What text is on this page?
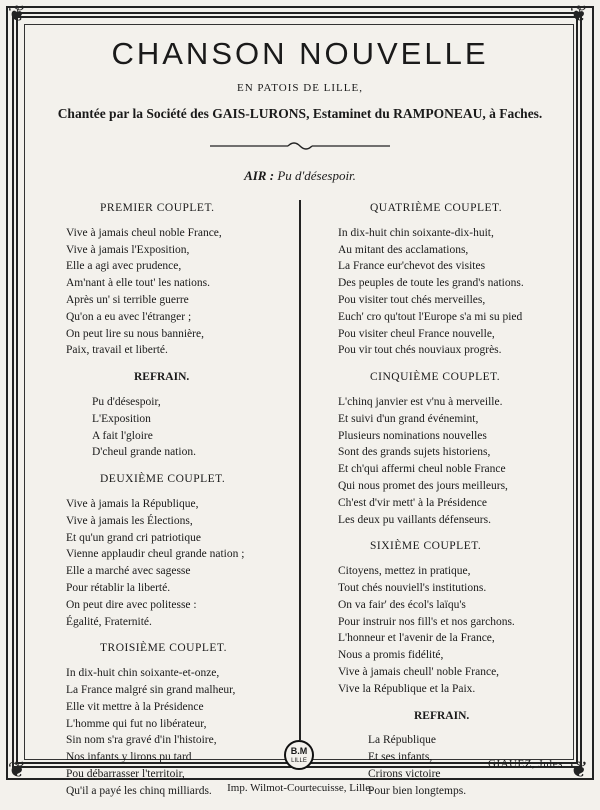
❦	❦
❦	❦
CHANSON NOUVELLE
EN PATOIS DE LILLE,
Chantée par la Société des GAIS-LURONS, Estaminet du RAMPONEAU, à Faches.
AIR : Pu d'désespoir.
PREMIER COUPLET.
Vive à jamais cheul noble France,
Vive à jamais l'Exposition,
Elle a agi avec prudence,
Am'nant à elle tout' les nations.
Après un' si terrible guerre
Qu'on a eu avec l'étranger ;
On peut lire su nous bannière,
Paix, travail et liberté.
REFRAIN.
Pu d'désespoir,
L'Exposition
A fait l'gloire
D'cheul grande nation.
DEUXIÈME COUPLET.
Vive à jamais la République,
Vive à jamais les Élections,
Et qu'un grand cri patriotique
Vienne applaudir cheul grande nation ;
Elle a marché avec sagesse
Pour rétablir la liberté.
On peut dire avec politesse :
Égalité, Fraternité.
TROISIÈME COUPLET.
In dix-huit chin soixante-et-onze,
La France malgré sin grand malheur,
Elle vit mettre à la Présidence
L'homme qui fut no libérateur,
Sin nom s'ra gravé d'in l'histoire,
Nos infants y lirons pu tard
Pou débarrasser l'territoir,
Qu'il a payé les chinq milliards.
QUATRIÈME COUPLET.
In dix-huit chin soixante-dix-huit,
Au mitant des acclamations,
La France eur'chevot des visites
Des peuples de toute les grand's nations.
Pou visiter tout chés merveilles,
Euch' cro qu'tout l'Europe s'a mi su pied
Pou visiter cheul France nouvelle,
Pou vir tout chés nouviaux progrès.
CINQUIÈME COUPLET.
L'chinq janvier est v'nu à merveille.
Et suivi d'un grand événemint,
Plusieurs nominations nouvelles
Sont des grands sujets historiens,
Et ch'qui affermi cheul noble France
Qui nous promet des jours meilleurs,
Ch'est d'vir mett' à la Présidence
Les deux pu vaillants défenseurs.
SIXIÈME COUPLET.
Citoyens, mettez in pratique,
Tout chés nouviell's institutions.
On va fair' des écol's laïqu's
Pour instruir nos fill's et nos garchons.
L'honneur et l'avenir de la France,
Nous a promis fidélité,
Vive à jamais cheull' noble France,
Vive la République et la Paix.
REFRAIN.
La République
Et ses infants,
Crirons victoire
Pour bien longtemps.
B.M
LILLE	GIAUEZ, Jules
Imp. Wilmot-Courtecuisse, Lille.
